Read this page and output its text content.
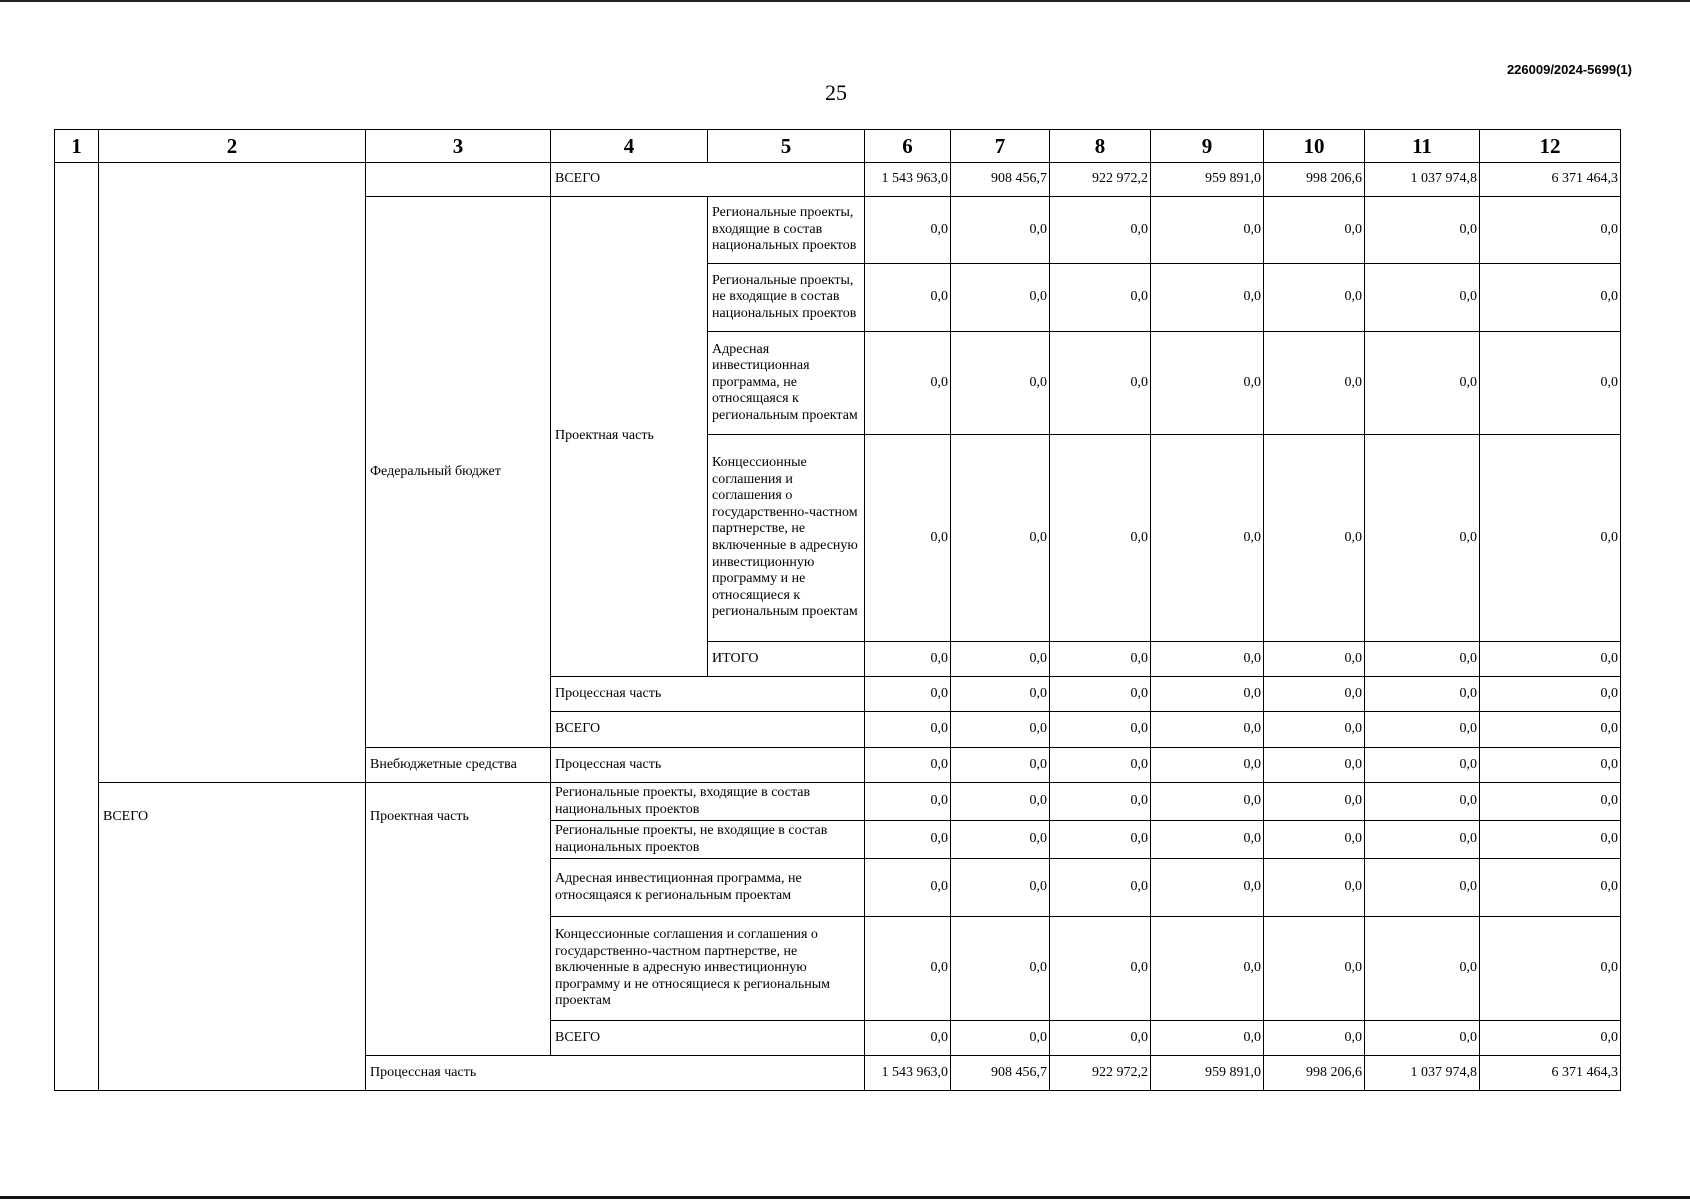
226009/2024-5699(1)
25
1	2	3	4	5	6	7	8	9	10	11	12
			ВСЕГО		1 543 963,0	908 456,7	922 972,2	959 891,0	998 206,6	1 037 974,8	6 371 464,3
		Федеральный бюджет	Проектная часть	Региональные проекты, входящие в состав национальных проектов	0,0	0,0	0,0	0,0	0,0	0,0	0,0
				Региональные проекты, не входящие в состав национальных проектов	0,0	0,0	0,0	0,0	0,0	0,0	0,0
				Адресная инвестиционная программа, не относящаяся к региональным проектам	0,0	0,0	0,0	0,0	0,0	0,0	0,0
				Концессионные соглашения и соглашения о государственно-частном партнерстве, не включенные в адресную инвестиционную программу и не относящиеся к региональным проектам	0,0	0,0	0,0	0,0	0,0	0,0	0,0
				ИТОГО	0,0	0,0	0,0	0,0	0,0	0,0	0,0
			Процессная часть		0,0	0,0	0,0	0,0	0,0	0,0	0,0
			ВСЕГО		0,0	0,0	0,0	0,0	0,0	0,0	0,0
		Внебюджетные средства	Процессная часть		0,0	0,0	0,0	0,0	0,0	0,0	0,0
	ВСЕГО	Проектная часть	Региональные проекты, входящие в состав национальных проектов		0,0	0,0	0,0	0,0	0,0	0,0	0,0
			Региональные проекты, не входящие в состав национальных проектов		0,0	0,0	0,0	0,0	0,0	0,0	0,0
			Адресная инвестиционная программа, не относящаяся к региональным проектам		0,0	0,0	0,0	0,0	0,0	0,0	0,0
			Концессионные соглашения и соглашения о государственно-частном партнерстве, не включенные в адресную инвестиционную программу и не относящиеся к региональным проектам		0,0	0,0	0,0	0,0	0,0	0,0	0,0
			ВСЕГО		0,0	0,0	0,0	0,0	0,0	0,0	0,0
		Процессная часть			1 543 963,0	908 456,7	922 972,2	959 891,0	998 206,6	1 037 974,8	6 371 464,3
